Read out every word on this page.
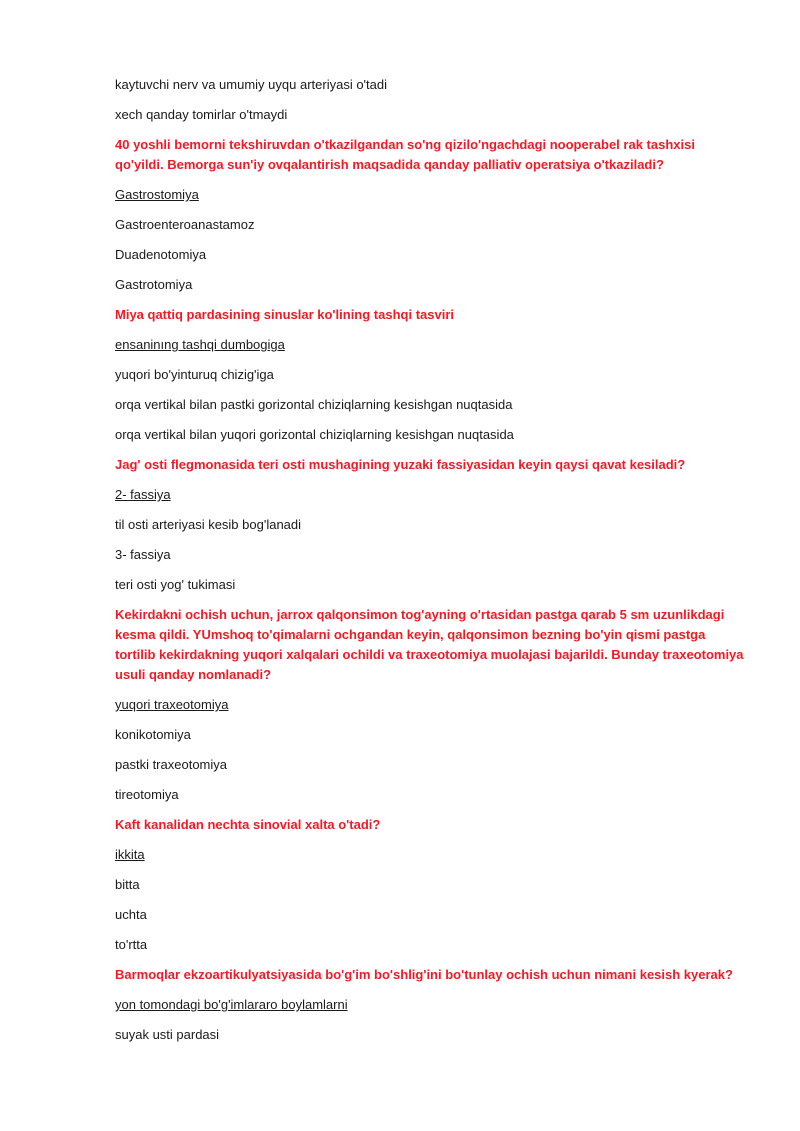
kaytuvchi nerv va umumiy uyqu arteriyasi o'tadi

xech qanday tomirlar o'tmaydi

40 yoshli bemorni tekshiruvdan o'tkazilgandan so'ng qizilo'ngachdagi nooperabel rak tashxisi qo'yildi. Bemorga sun'iy ovqalantirish maqsadida qanday palliativ operatsiya o'tkaziladi?

Gastrostomiya

Gastroenteroanastamoz

Duadenotomiya

Gastrotomiya

Miya qattiq pardasining sinuslar ko'lining tashqi tasviri

ensaninıng tashqi dumbogiga

yuqori bo'yinturuq chizig'iga

orqa vertikal bilan pastki gorizontal chiziqlarning kesishgan nuqtasida

orqa vertikal bilan yuqori gorizontal chiziqlarning kesishgan nuqtasida

Jag' osti flegmonasida teri osti mushagining yuzaki fassiyasidan keyin qaysi qavat kesiladi?

2- fassiya

til osti arteriyasi kesib bog'lanadi

3- fassiya

teri osti yog' tukimasi

Kekirdakni ochish uchun, jarrox qalqonsimon tog'ayning o'rtasidan pastga qarab 5 sm uzunlikdagi kesma qildi. YUmshoq to'qimalarni ochgandan keyin, qalqonsimon bezning bo'yin qismi pastga tortilib kekirdakning yuqori xalqalari ochildi va traxeotomiya muolajasi bajarildi. Bunday traxeotomiya usuli qanday nomlanadi?

yuqori traxeotomiya

konikotomiya

pastki traxeotomiya

tireotomiya

Kaft kanalidan nechta sinovial xalta o'tadi?

ikkita

bitta

uchta

to'rtta

Barmoqlar ekzoartikulyatsiyasida bo'g'im bo'shlig'ini bo'tunlay ochish uchun nimani kesish kyerak?

yon tomondagi bo'g'imlararo boylamlarni

suyak usti pardasi
